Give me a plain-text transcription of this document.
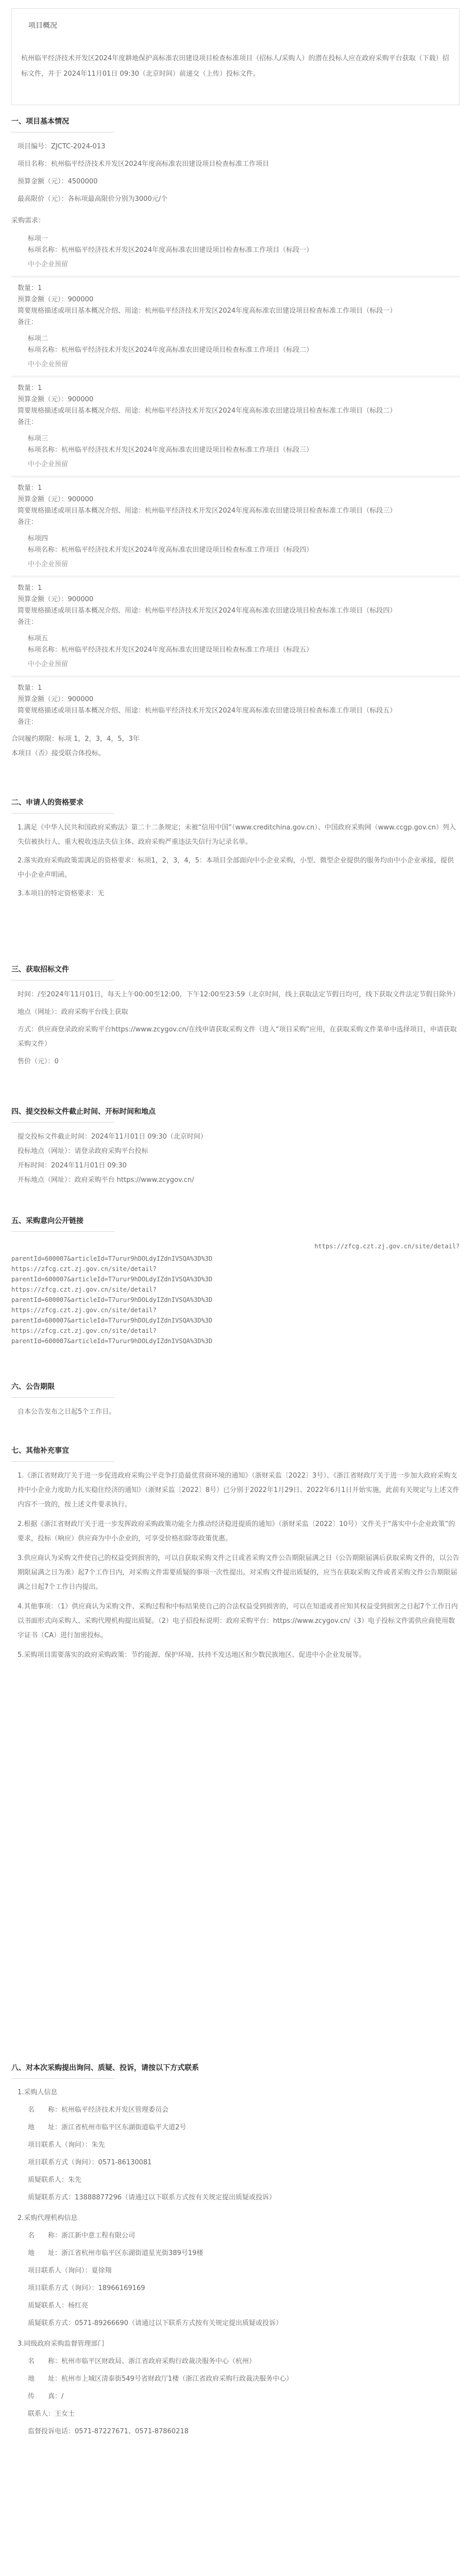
项目概况

杭州临平经济技术开发区2024年度耕地保护高标准农田建设项目检查标准项目（招标人/采购人）的潜在投标人应在政府采购平台获取（下载）招标文件，并于 2024年11月01日 09:30（北京时间）前递交（上传）投标文件。

一、项目基本情况

项目编号：ZJCTC-2024-013

项目名称：杭州临平经济技术开发区2024年度高标准农田建设项目检查标准工作项目

预算金额（元）：4500000

最高限价（元）：各标项最高限价分别为3000元/个

采购需求：

标项一

标项名称：杭州临平经济技术开发区2024年度高标准农田建设项目检查标准工作项目（标段一）

中小企业预留

数量：1

预算金额（元）：900000

简要规格描述或项目基本概况介绍、用途：杭州临平经济技术开发区2024年度高标准农田建设项目检查标准工作项目（标段一）

备注：

标项二

标项名称：杭州临平经济技术开发区2024年度高标准农田建设项目检查标准工作项目（标段二）

中小企业预留

数量：1

预算金额（元）：900000

简要规格描述或项目基本概况介绍、用途：杭州临平经济技术开发区2024年度高标准农田建设项目检查标准工作项目（标段二）

备注：

标项三

标项名称：杭州临平经济技术开发区2024年度高标准农田建设项目检查标准工作项目（标段三）

中小企业预留

数量：1

预算金额（元）：900000

简要规格描述或项目基本概况介绍、用途：杭州临平经济技术开发区2024年度高标准农田建设项目检查标准工作项目（标段三）

备注：

标项四

标项名称：杭州临平经济技术开发区2024年度高标准农田建设项目检查标准工作项目（标段四）

中小企业预留

数量：1

预算金额（元）：900000

简要规格描述或项目基本概况介绍、用途：杭州临平经济技术开发区2024年度高标准农田建设项目检查标准工作项目（标段四）

备注：

标项五

标项名称：杭州临平经济技术开发区2024年度高标准农田建设项目检查标准工作项目（标段五）

中小企业预留

数量：1

预算金额（元）：900000

简要规格描述或项目基本概况介绍、用途：杭州临平经济技术开发区2024年度高标准农田建设项目检查标准工作项目（标段五）

备注：

合同履约期限：标项 1，2，3，4，5，3年

本项目（否）接受联合体投标。

二、申请人的资格要求

1.满足《中华人民共和国政府采购法》第二十二条规定；未被“信用中国”（www.creditchina.gov.cn）、中国政府采购网（www.ccgp.gov.cn）列入失信被执行人、重大税收违法失信主体、政府采购严重违法失信行为记录名单。

2.落实政府采购政策需满足的资格要求：标项1，2，3，4，5：本项目全部面向中小企业采购，小型、微型企业提供的服务均由中小企业承接，提供中小企业声明函。

3.本项目的特定资格要求：无

三、获取招标文件

时间：/至2024年11月01日，每天上午00:00至12:00，下午12:00至23:59（北京时间，线上获取法定节假日均可，线下获取文件法定节假日除外）

地点（网址）：政府采购平台线上获取

方式：供应商登录政府采购平台https://www.zcygov.cn/在线申请获取采购文件（进入“项目采购”应用，在获取采购文件菜单中选择项目，申请获取采购文件）

售价（元）：0

四、提交投标文件截止时间、开标时间和地点

提交投标文件截止时间：2024年11月01日 09:30（北京时间）

投标地点（网址）：请登录政府采购平台投标

开标时间：2024年11月01日 09:30

开标地点（网址）：政府采购平台 https://www.zcygov.cn/

五、采购意向公开链接

https://zfcg.czt.zj.gov.cn/site/detail?

parentId=600007&articleId=T7urur9hDOLdyIZdnIVSQA%3D%3D
https://zfcg.czt.zj.gov.cn/site/detail?
parentId=600007&articleId=T7urur9hDOLdyIZdnIVSQA%3D%3D
https://zfcg.czt.zj.gov.cn/site/detail?
parentId=600007&articleId=T7urur9hDOLdyIZdnIVSQA%3D%3D
https://zfcg.czt.zj.gov.cn/site/detail?
parentId=600007&articleId=T7urur9hDOLdyIZdnIVSQA%3D%3D
https://zfcg.czt.zj.gov.cn/site/detail?
parentId=600007&articleId=T7urur9hDOLdyIZdnIVSQA%3D%3D

六、公告期限

自本公告发布之日起5个工作日。

七、其他补充事宜

1.《浙江省财政厅关于进一步促进政府采购公平竞争打造最优营商环境的通知》（浙财采监〔2022〕3号）、《浙江省财政厅关于进一步加大政府采购支持中小企业力度助力扎实稳住经济的通知》（浙财采监〔2022〕8号）已分别于2022年1月29日、2022年6月1日开始实施，此前有关规定与上述文件内容不一致的，按上述文件要求执行。

2.根据《浙江省财政厅关于进一步发挥政府采购政策功能全力推动经济稳进提质的通知》（浙财采监〔2022〕10号）文件关于“落实中小企业政策”的要求，投标（响应）供应商为中小企业的，可享受价格扣除等政策优惠。

3.供应商认为采购文件使自己的权益受到损害的，可以自获取采购文件之日或者采购文件公告期限届满之日（公告期限届满后获取采购文件的，以公告期限届满之日为准）起7个工作日内，对采购文件需要质疑的事项一次性提出。对采购文件提出质疑的，应当在获取采购文件或者采购文件公告期限届满之日起7个工作日内提出。

4.其他事项：（1）供应商认为采购文件、采购过程和中标结果使自己的合法权益受到损害的，可以在知道或者应知其权益受到损害之日起7个工作日内以书面形式向采购人、采购代理机构提出质疑。（2）电子招投标说明：政府采购平台：https://www.zcygov.cn/（3）电子投标文件需供应商使用数字证书（CA）进行加密投标。

5.采购项目需要落实的政府采购政策：节约能源、保护环境、扶持不发达地区和少数民族地区、促进中小企业发展等。

八、对本次采购提出询问、质疑、投诉，请按以下方式联系

1.采购人信息

名　　称：杭州临平经济技术开发区管理委员会

地　　址：浙江省杭州市临平区东湖街道临平大道2号

项目联系人（询问）：朱先

项目联系方式（询问）：0571-86130081

质疑联系人：朱先

质疑联系方式：13888877296（请通过以下联系方式按有关规定提出质疑或投诉）

2.采购代理机构信息

名　　称：浙江新中意工程有限公司

地　　址：浙江省杭州市临平区东湖街道星光街389号19楼

项目联系人（询问）：夏徐翔

项目联系方式（询问）：18966169169

质疑联系人：杨红亮

质疑联系方式：0571-89266690（请通过以下联系方式按有关规定提出质疑或投诉）

3.同级政府采购监督管理部门

名　　称：杭州市临平区财政局、浙江省政府采购行政裁决服务中心（杭州）

地　　址：杭州市上城区清泰街549号省财政厅1楼（浙江省政府采购行政裁决服务中心）

传　　真：/

联系人：王女士

监督投诉电话：0571-87227671、0571-87860218
